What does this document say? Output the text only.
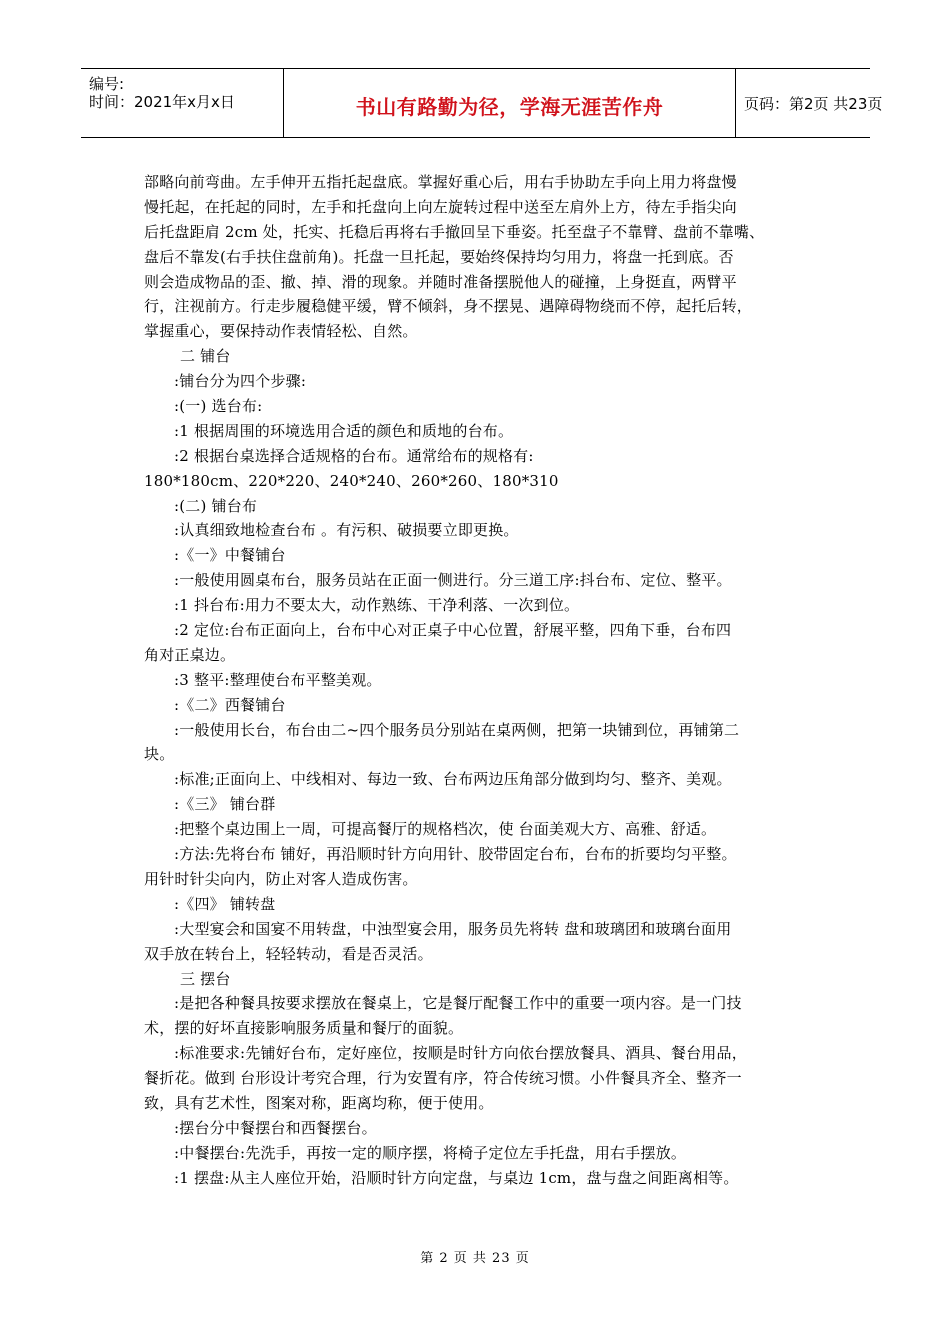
编号:
时间：2021年x月x日	书山有路勤为径，学海无涯苦作舟	页码：第2页 共23页
部略向前弯曲。左手伸开五指托起盘底。掌握好重心后，用右手协助左手向上用力将盘慢
慢托起，在托起的同时，左手和托盘向上向左旋转过程中送至左肩外上方，待左手指尖向
后托盘距肩 2cm 处，托实、托稳后再将右手撤回呈下垂姿。托至盘子不靠臂、盘前不靠嘴、
盘后不靠发(右手扶住盘前角)。托盘一旦托起，要始终保持均匀用力，将盘一托到底。否
则会造成物品的歪、撤、掉、滑的现象。并随时准备摆脱他人的碰撞，上身挺直，两臂平
行，注视前方。行走步履稳健平缓，臂不倾斜，身不摆晃、遇障碍物绕而不停，起托后转，
掌握重心，要保持动作表情轻松、自然。
二 铺台
:铺台分为四个步骤:
:(一) 选台布:
:1 根据周围的环境选用合适的颜色和质地的台布。
:2 根据台桌选择合适规格的台布。通常给布的规格有:
180*180cm、220*220、240*240、260*260、180*310
:(二) 铺台布
:认真细致地检查台布 。有污积、破损要立即更换。
:《一》中餐铺台
:一般使用圆桌布台，服务员站在正面一侧进行。分三道工序:抖台布、定位、整平。
:1 抖台布:用力不要太大，动作熟练、干净利落、一次到位。
:2 定位:台布正面向上，台布中心对正桌子中心位置，舒展平整，四角下垂，台布四
角对正桌边。
:3 整平:整理使台布平整美观。
:《二》西餐铺台
:一般使用长台，布台由二~四个服务员分别站在桌两侧，把第一块铺到位，再铺第二
块。
:标准;正面向上、中线相对、每边一致、台布两边压角部分做到均匀、整齐、美观。
:《三》 铺台群
:把整个桌边围上一周，可提高餐厅的规格档次，使 台面美观大方、高雅、舒适。
:方法:先将台布 铺好，再沿顺时针方向用针、胶带固定台布，台布的折要均匀平整。
用针时针尖向内，防止对客人造成伤害。
:《四》 铺转盘
:大型宴会和国宴不用转盘，中浊型宴会用，服务员先将转 盘和玻璃团和玻璃台面用
双手放在转台上，轻轻转动，看是否灵活。
三 摆台
:是把各种餐具按要求摆放在餐桌上，它是餐厅配餐工作中的重要一项内容。是一门技
术，摆的好坏直接影响服务质量和餐厅的面貌。
:标准要求:先铺好台布，定好座位，按顺是时针方向依台摆放餐具、酒具、餐台用品，
餐折花。做到 台形设计考究合理，行为安置有序，符合传统习惯。小件餐具齐全、整齐一
致，具有艺术性，图案对称，距离均称，便于使用。
:摆台分中餐摆台和西餐摆台。
:中餐摆台:先洗手，再按一定的顺序摆，将椅子定位左手托盘，用右手摆放。
:1 摆盘:从主人座位开始，沿顺时针方向定盘，与桌边 1cm，盘与盘之间距离相等。
第 2 页 共 23 页
